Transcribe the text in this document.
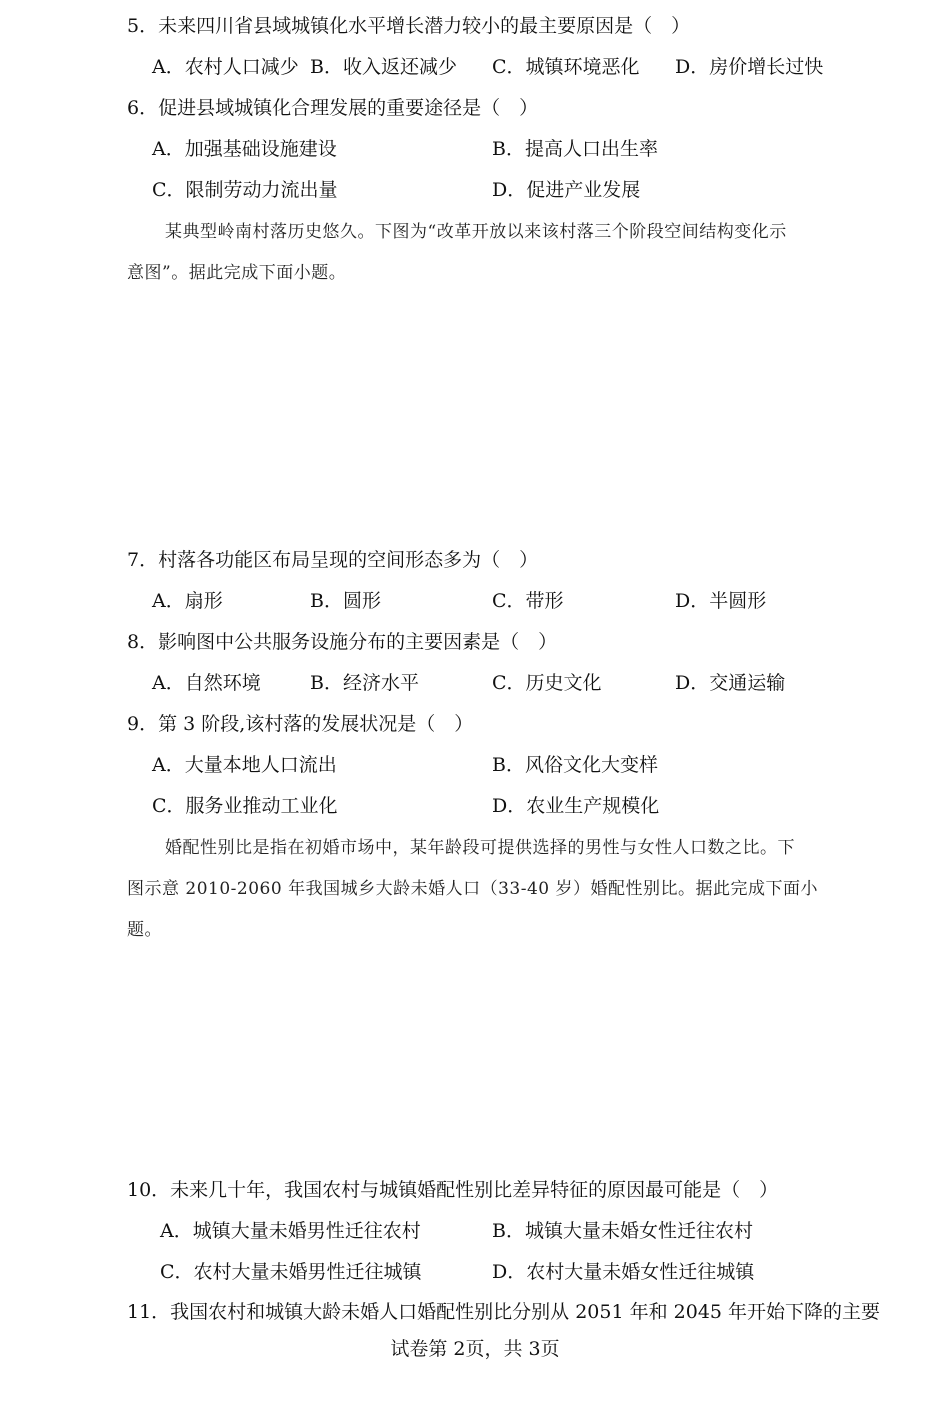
5．未来四川省县域城镇化水平增长潜力较小的最主要原因是（　）
A．农村人口减少 B．收入返还减少 C．城镇环境恶化 D．房价增长过快
6．促进县域城镇化合理发展的重要途径是（　）
A．加强基础设施建设	B．提高人口出生率
C．限制劳动力流出量	D．促进产业发展
某典型岭南村落历史悠久。下图为“改革开放以来该村落三个阶段空间结构变化示
意图”。据此完成下面小题。
7．村落各功能区布局呈现的空间形态多为（　）
A．扇形	B．圆形	C．带形	D．半圆形
8．影响图中公共服务设施分布的主要因素是（　）
A．自然环境	B．经济水平	C．历史文化	D．交通运输
9．第 3 阶段,该村落的发展状况是（　）
A．大量本地人口流出	B．风俗文化大变样
C．服务业推动工业化	D．农业生产规模化
婚配性别比是指在初婚市场中，某年龄段可提供选择的男性与女性人口数之比。下
图示意 2010-2060 年我国城乡大龄未婚人口（33-40 岁）婚配性别比。据此完成下面小
题。
10．未来几十年，我国农村与城镇婚配性别比差异特征的原因最可能是（　）
A．城镇大量未婚男性迁往农村	B．城镇大量未婚女性迁往农村
C．农村大量未婚男性迁往城镇	D．农村大量未婚女性迁往城镇
11．我国农村和城镇大龄未婚人口婚配性别比分别从 2051 年和 2045 年开始下降的主要
试卷第 2页，共 3页
